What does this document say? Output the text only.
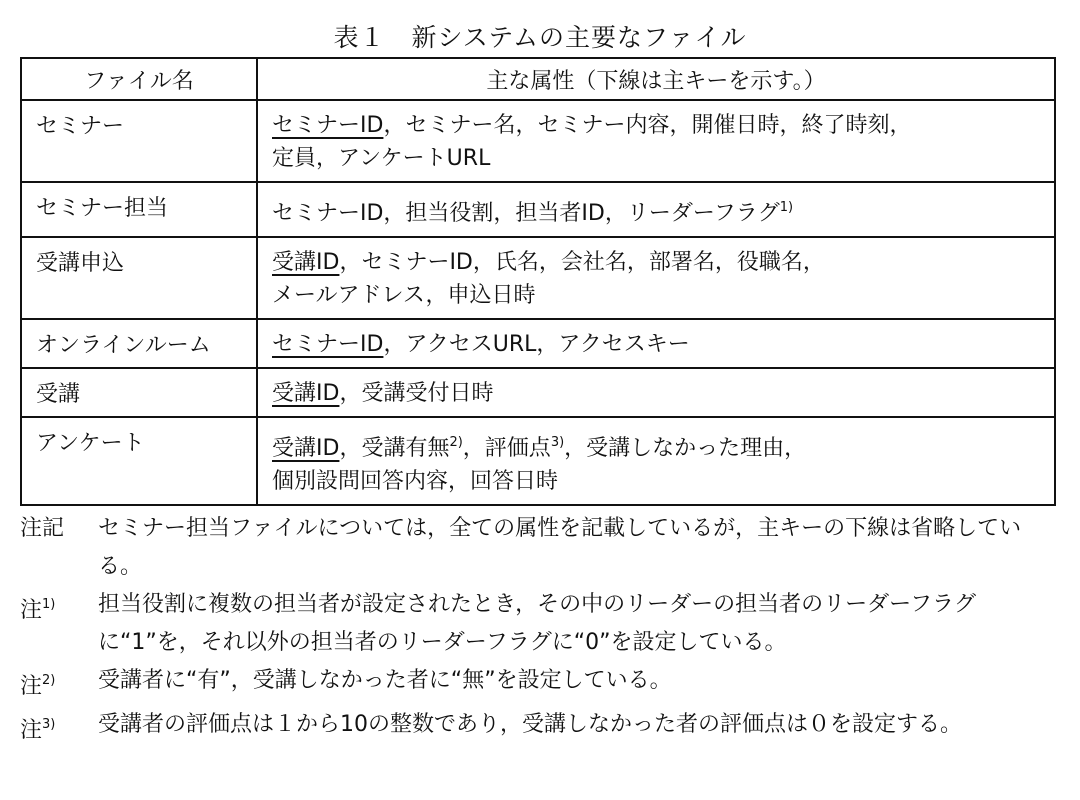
表１　新システムの主要なファイル
ファイル名	主な属性（下線は主キーを示す。）
セミナー	セミナーID，セミナー名，セミナー内容，開催日時，終了時刻，
定員，アンケートURL
セミナー担当	セミナーID，担当役割，担当者ID，リーダーフラグ$^{1)}$
受講申込	受講ID，セミナーID，氏名，会社名，部署名，役職名，
メールアドレス，申込日時
オンラインルーム	セミナーID，アクセスURL，アクセスキー
受講	受講ID，受講受付日時
アンケート	受講ID，受講有無$^{2)}$，評価点$^{3)}$，受講しなかった理由，
個別設問回答内容，回答日時
注記	セミナー担当ファイルについては，全ての属性を記載しているが，主キーの下線は省略している。
注$^{1)}$	担当役割に複数の担当者が設定されたとき，その中のリーダーの担当者のリーダーフラグに“1”を，それ以外の担当者のリーダーフラグに“0”を設定している。
注$^{2)}$	受講者に“有”，受講しなかった者に“無”を設定している。
注$^{3)}$	受講者の評価点は１から10の整数であり，受講しなかった者の評価点は０を設定する。
